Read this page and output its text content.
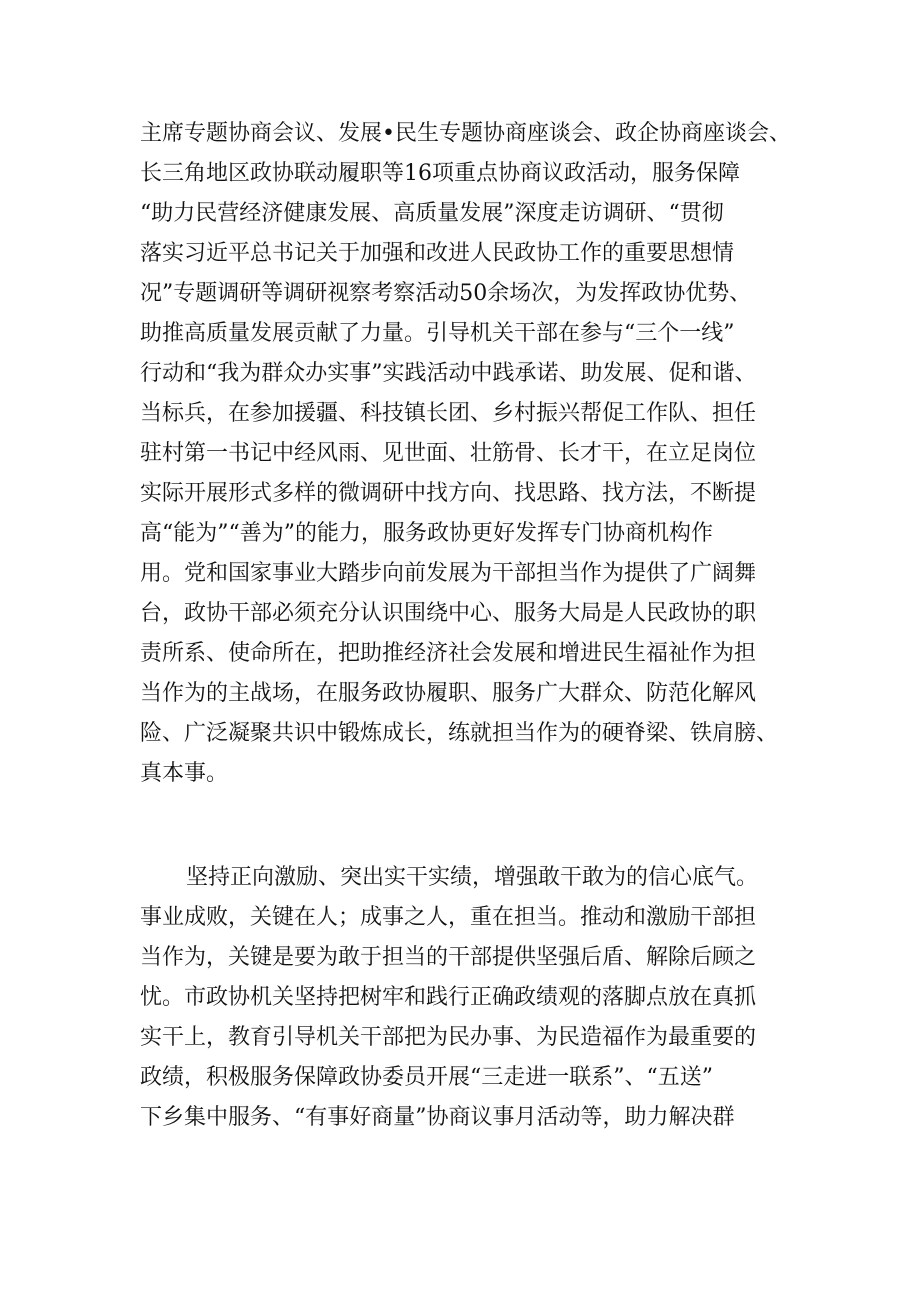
主席专题协商会议、发展•民生专题协商座谈会、政企协商座谈会、
长三角地区政协联动履职等16项重点协商议政活动，服务保障
“助力民营经济健康发展、高质量发展”深度走访调研、“贯彻
落实习近平总书记关于加强和改进人民政协工作的重要思想情
况”专题调研等调研视察考察活动50余场次，为发挥政协优势、
助推高质量发展贡献了力量。引导机关干部在参与“三个一线”
行动和“我为群众办实事”实践活动中践承诺、助发展、促和谐、
当标兵，在参加援疆、科技镇长团、乡村振兴帮促工作队、担任
驻村第一书记中经风雨、见世面、壮筋骨、长才干，在立足岗位
实际开展形式多样的微调研中找方向、找思路、找方法，不断提
高“能为”“善为”的能力，服务政协更好发挥专门协商机构作
用。党和国家事业大踏步向前发展为干部担当作为提供了广阔舞
台，政协干部必须充分认识围绕中心、服务大局是人民政协的职
责所系、使命所在，把助推经济社会发展和增进民生福祉作为担
当作为的主战场，在服务政协履职、服务广大群众、防范化解风
险、广泛凝聚共识中锻炼成长，练就担当作为的硬脊梁、铁肩膀、
真本事。
坚持正向激励、突出实干实绩，增强敢干敢为的信心底气。
事业成败，关键在人；成事之人，重在担当。推动和激励干部担
当作为，关键是要为敢于担当的干部提供坚强后盾、解除后顾之
忧。市政协机关坚持把树牢和践行正确政绩观的落脚点放在真抓
实干上，教育引导机关干部把为民办事、为民造福作为最重要的
政绩，积极服务保障政协委员开展“三走进一联系”、“五送”
下乡集中服务、“有事好商量”协商议事月活动等，助力解决群
